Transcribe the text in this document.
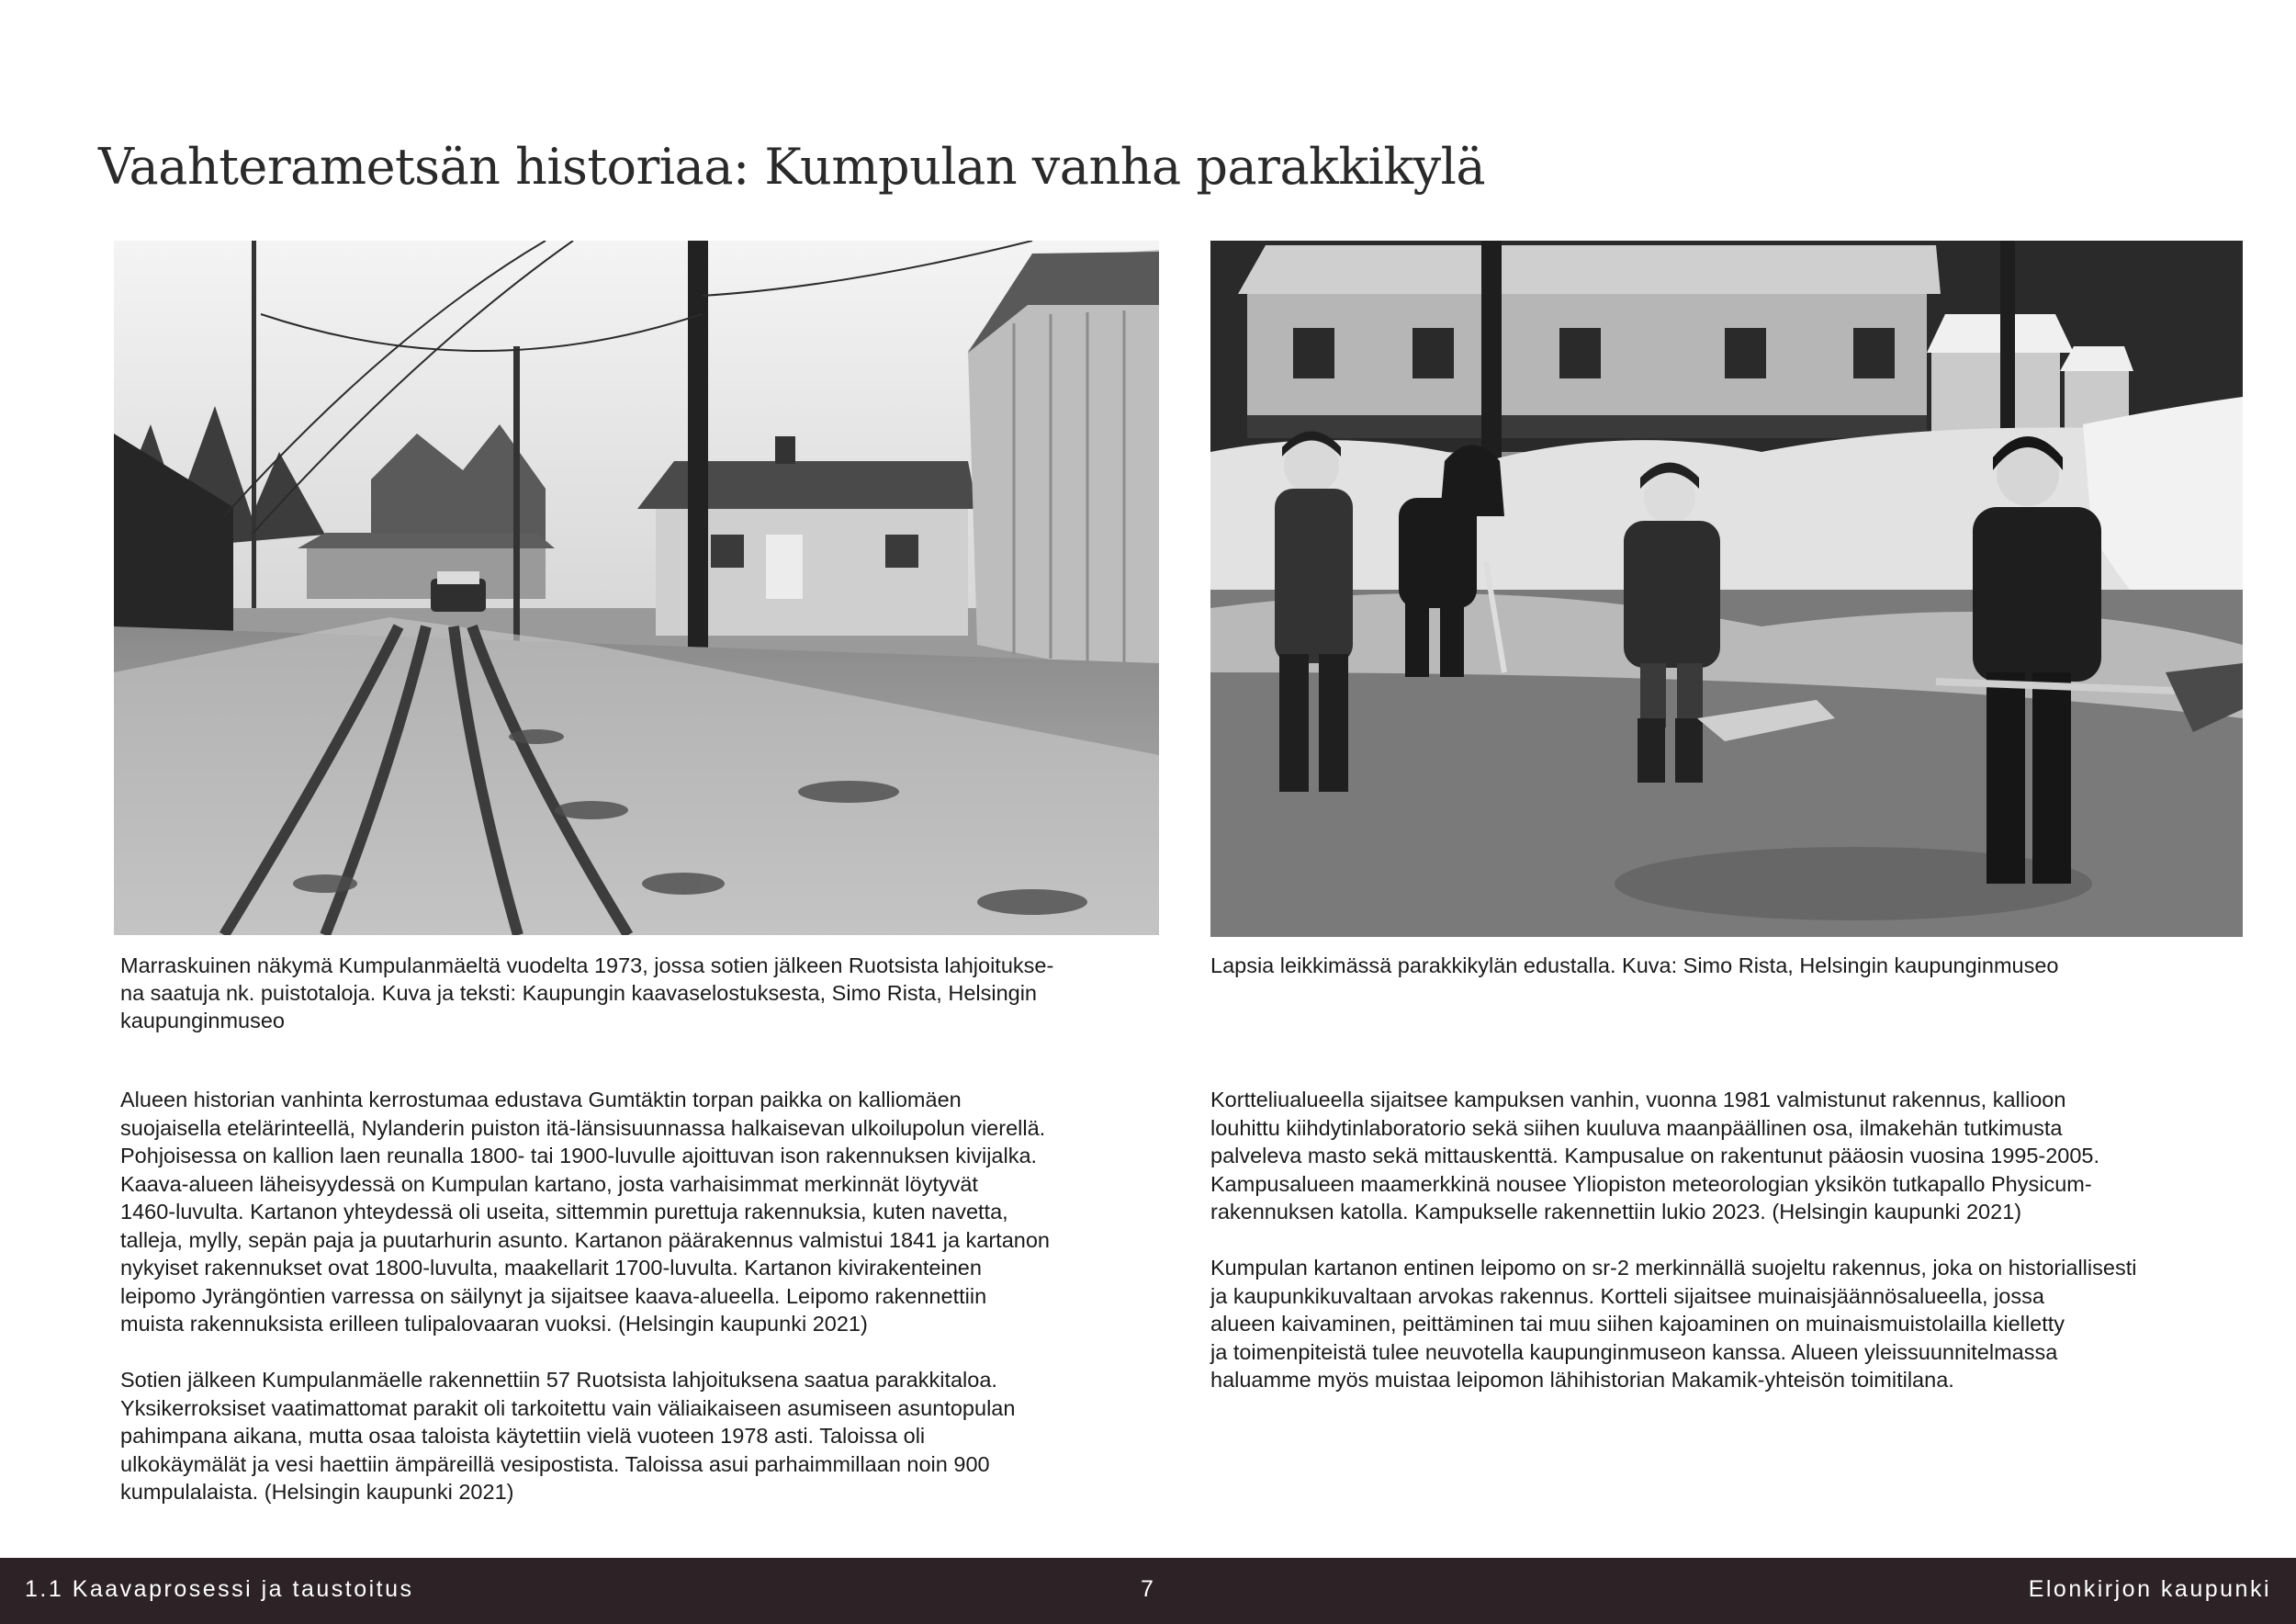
Vaahterametsän historiaa: Kumpulan vanha parakkikylä

Marraskuinen näkymä Kumpulanmäeltä vuodelta 1973, jossa sotien jälkeen Ruotsista lahjoitukse-
na saatuja nk. puistotaloja. Kuva ja teksti: Kaupungin kaavaselostuksesta, Simo Rista, Helsingin
kaupunginmuseo

Lapsia leikkimässä parakkikylän edustalla. Kuva: Simo Rista, Helsingin kaupunginmuseo

Alueen historian vanhinta kerrostumaa edustava Gumtäktin torpan paikka on kalliomäen
suojaisella etelärinteellä, Nylanderin puiston itä-länsisuunnassa halkaisevan ulkoilupolun vierellä.
Pohjoisessa on kallion laen reunalla 1800- tai 1900-luvulle ajoittuvan ison rakennuksen kivijalka.
Kaava-alueen läheisyydessä on Kumpulan kartano, josta varhaisimmat merkinnät löytyvät
1460-luvulta. Kartanon yhteydessä oli useita, sittemmin purettuja rakennuksia, kuten navetta,
talleja, mylly, sepän paja ja puutarhurin asunto. Kartanon päärakennus valmistui 1841 ja kartanon
nykyiset rakennukset ovat 1800-luvulta, maakellarit 1700-luvulta. Kartanon kivirakenteinen
leipomo Jyrängöntien varressa on säilynyt ja sijaitsee kaava-alueella. Leipomo rakennettiin
muista rakennuksista erilleen tulipalovaaran vuoksi. (Helsingin kaupunki 2021)

Sotien jälkeen Kumpulanmäelle rakennettiin 57 Ruotsista lahjoituksena saatua parakkitaloa.
Yksikerroksiset vaatimattomat parakit oli tarkoitettu vain väliaikaiseen asumiseen asuntopulan
pahimpana aikana, mutta osaa taloista käytettiin vielä vuoteen 1978 asti. Taloissa oli
ulkokäymälät ja vesi haettiin ämpäreillä vesipostista. Taloissa asui parhaimmillaan noin 900
kumpulalaista. (Helsingin kaupunki 2021)

Kortteliualueella sijaitsee kampuksen vanhin, vuonna 1981 valmistunut rakennus, kallioon
louhittu kiihdytinlaboratorio sekä siihen kuuluva maanpäällinen osa, ilmakehän tutkimusta
palveleva masto sekä mittauskenttä. Kampusalue on rakentunut pääosin vuosina 1995-2005.
Kampusalueen maamerkkinä nousee Yliopiston meteorologian yksikön tutkapallo Physicum-
rakennuksen katolla. Kampukselle rakennettiin lukio 2023. (Helsingin kaupunki 2021)

Kumpulan kartanon entinen leipomo on sr-2 merkinnällä suojeltu rakennus, joka on historiallisesti
ja kaupunkikuvaltaan arvokas rakennus. Kortteli sijaitsee muinaisjäännösalueella, jossa
alueen kaivaminen, peittäminen tai muu siihen kajoaminen on muinaismuistolailla kielletty
ja toimenpiteistä tulee neuvotella kaupunginmuseon kanssa. Alueen yleissuunnitelmassa
haluamme myös muistaa leipomon lähihistorian Makamik-yhteisön toimitilana.

1.1 Kaavaprosessi ja taustoitus	7	Elonkirjon kaupunki
